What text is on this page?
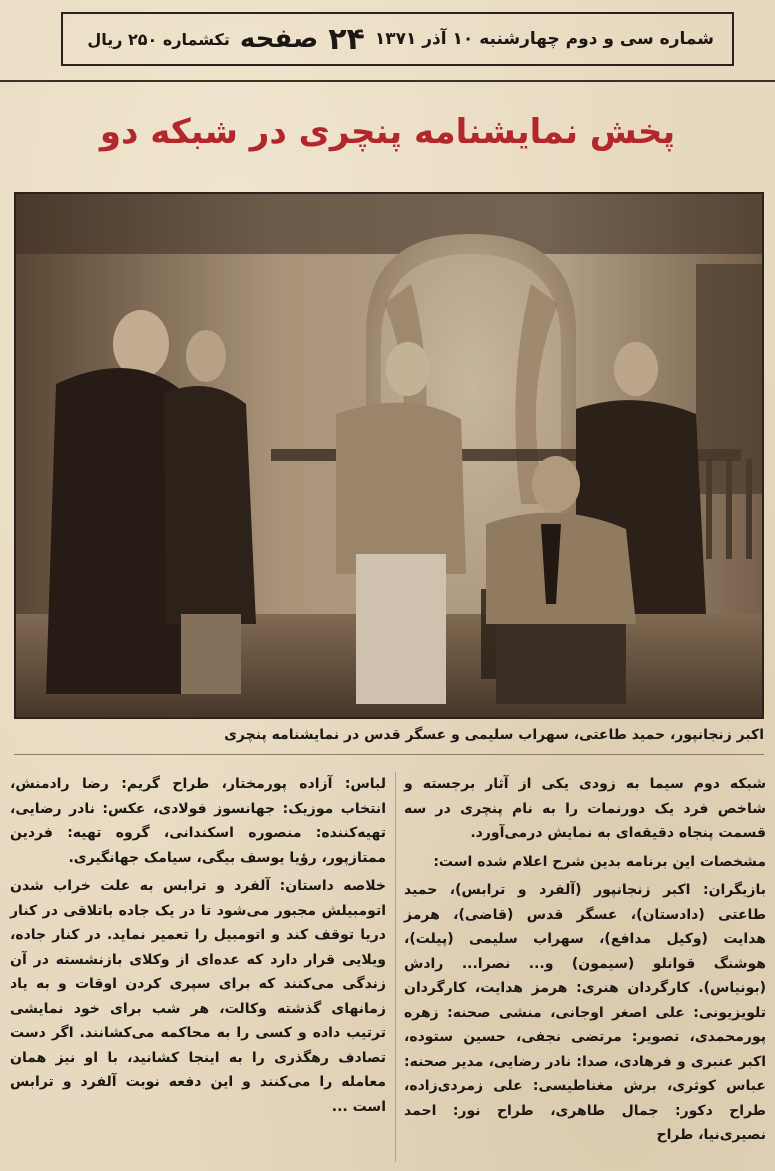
شماره سی و دوم چهارشنبه ۱۰ آذر ۱۳۷۱
۲۴
صفحه
تکشماره ۲۵۰ ریال
پخش نمایشنامه پنچری در شبکه دو
اکبر زنجانپور، حمید طاعتی، سهراب سلیمی و عسگر قدس در نمایشنامه پنچری

شبکه دوم سیما به زودی یکی از آثار برجسته و شاخص فرد یک دورنمات را به نام پنچری در سه قسمت پنجاه دقیقه‌ای به نمایش درمی‌آورد.

مشخصات این برنامه بدین شرح اعلام شده است:

بازیگران: اکبر زنجانپور (آلفرد و ترابس)، حمید طاعتی (دادستان)، عسگر قدس (قاضی)، هرمز هدایت (وکیل مدافع)، سهراب سلیمی (پیلت)، هوشنگ قوانلو (سیمون) و... نصرا... رادش (بونیاس). کارگردان هنری: هرمز هدایت، کارگردان تلویزیونی: علی اصغر اوجانی، منشی صحنه: زهره پورمحمدی، تصویر: مرتضی نجفی، حسین ستوده، اکبر عنبری و فرهادی، صدا: نادر رضایی، مدیر صحنه: عباس کوثری، برش مغناطیسی: علی زمردی‌زاده، طراح دکور: جمال طاهری، طراح نور: احمد نصیری‌نیا، طراح

لباس: آزاده پورمختار، طراح گریم: رضا رادمنش، انتخاب موزیک: جهانسوز فولادی، عکس: نادر رضایی، تهیه‌کننده: منصوره اسکندانی، گروه تهیه: فردین ممتازپور، رؤیا یوسف بیگی، سیامک جهانگیری.

خلاصه داستان: آلفرد و ترابس به علت خراب شدن اتومبیلش مجبور می‌شود تا در یک جاده باتلاقی در کنار دریا توقف کند و اتومبیل را تعمیر نماید. در کنار جاده، ویلایی قرار دارد که عده‌ای از وکلای بازنشسته در آن زندگی می‌کنند که برای سپری کردن اوقات و به یاد زمانهای گذشته وکالت، هر شب برای خود نمایشی ترتیب داده و کسی را به محاکمه می‌کشانند. اگر دست تصادف رهگذری را به اینجا کشانید، با او نیز همان معامله را می‌کنند و این دفعه نوبت آلفرد و ترابس است ...
